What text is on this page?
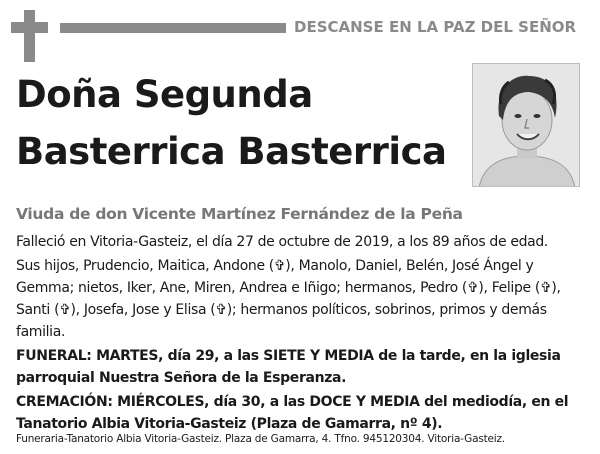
DESCANSE EN LA PAZ DEL SEÑOR
Doña Segunda
Basterrica Basterrica
Viuda de don Vicente Martínez Fernández de la Peña
Falleció en Vitoria-Gasteiz, el día 27 de octubre de 2019, a los 89 años de edad.
Sus hijos, Prudencio, Maitica, Andone (✞), Manolo, Daniel, Belén, José Ángel y Gemma; nietos, Iker, Ane, Miren, Andrea e Iñigo; hermanos, Pedro (✞), Felipe (✞), Santi (✞), Josefa, Jose y Elisa (✞); hermanos políticos, sobrinos, primos y demás familia.
FUNERAL: MARTES, día 29, a las SIETE Y MEDIA de la tarde, en la iglesia parroquial Nuestra Señora de la Esperanza.
CREMACIÓN: MIÉRCOLES, día 30, a las DOCE Y MEDIA del mediodía, en el Tanatorio Albia Vitoria-Gasteiz (Plaza de Gamarra, nº 4).
Funeraria-Tanatorio Albia Vitoria-Gasteiz. Plaza de Gamarra, 4. Tfno. 945120304. Vitoria-Gasteiz.
